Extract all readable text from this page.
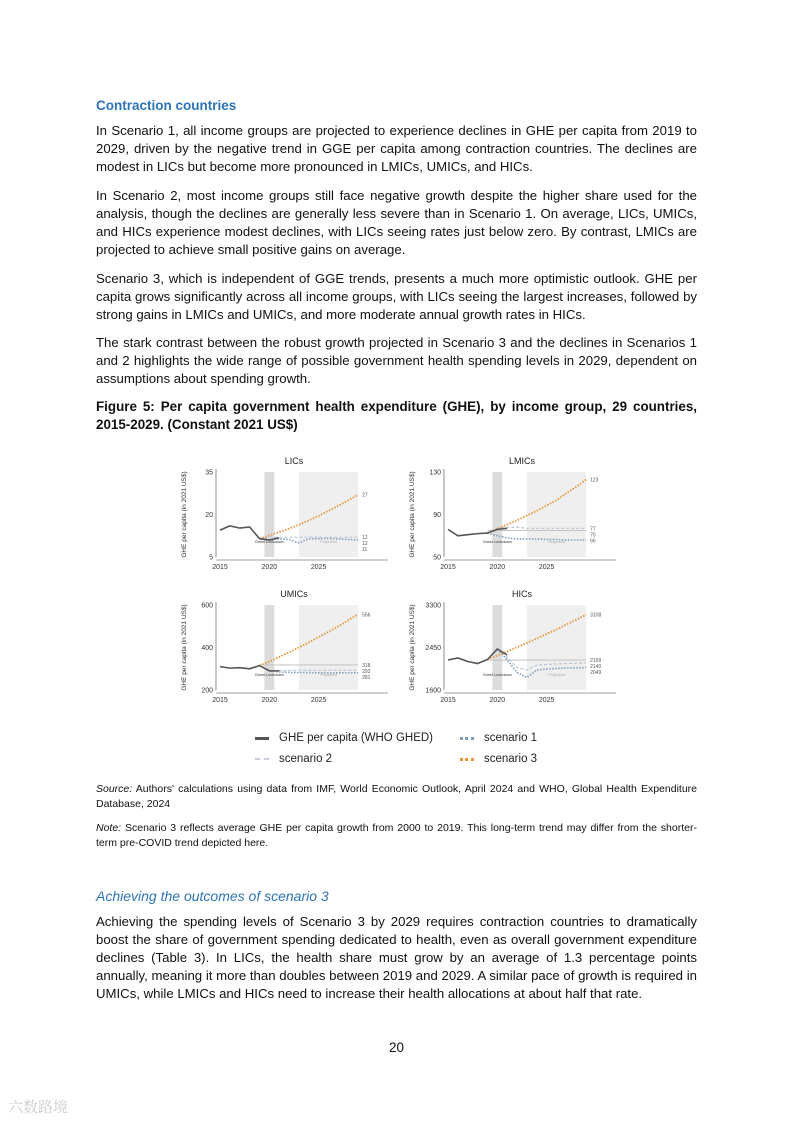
Contraction countries
In Scenario 1, all income groups are projected to experience declines in GHE per capita from 2019 to 2029, driven by the negative trend in GGE per capita among contraction countries. The declines are modest in LICs but become more pronounced in LMICs, UMICs, and HICs.
In Scenario 2, most income groups still face negative growth despite the higher share used for the analysis, though the declines are generally less severe than in Scenario 1. On average, LICs, UMICs, and HICs experience modest declines, with LICs seeing rates just below zero. By contrast, LMICs are projected to achieve small positive gains on average.
Scenario 3, which is independent of GGE trends, presents a much more optimistic outlook. GHE per capita grows significantly across all income groups, with LICs seeing the largest increases, followed by strong gains in LMICs and UMICs, and more moderate annual growth rates in HICs.
The stark contrast between the robust growth projected in Scenario 3 and the declines in Scenarios 1 and 2 highlights the wide range of possible government health spending levels in 2029, dependent on assumptions about spending growth.
Figure 5: Per capita government health expenditure (GHE), by income group, 29 countries, 2015-2029. (Constant 2021 US$)
Projected
Great Lockdown
LICs
35
20
5
2015	2020	2025
GHE per capita (in 2021 US$)	27
12
12
11
Projected
Great Lockdown
LMICs
130
90
50
2015	2020	2025
GHE per capita (in 2021 US$)	123
77
75
66
Projected
Great Lockdown
UMICs
600
400
200
2015	2020	2025
GHE per capita (in 2021 US$)	556
318
293
281
Projected
Great Lockdown
HICs
3300
2450
1600
2015	2020	2025
GHE per capita (in 2021 US$)	3108
2199
2140
2049
GHE per capita (WHO GHED)	scenario 1
scenario 2	scenario 3
Source: Authors' calculations using data from IMF, World Economic Outlook, April 2024 and WHO, Global Health Expenditure Database, 2024
Note: Scenario 3 reflects average GHE per capita growth from 2000 to 2019. This long-term trend may differ from the shorter-term pre-COVID trend depicted here.
Achieving the outcomes of scenario 3
Achieving the spending levels of Scenario 3 by 2029 requires contraction countries to dramatically boost the share of government spending dedicated to health, even as overall government expenditure declines (Table 3). In LICs, the health share must grow by an average of 1.3 percentage points annually, meaning it more than doubles between 2019 and 2029. A similar pace of growth is required in UMICs, while LMICs and HICs need to increase their health allocations at about half that rate.
20
六数路境
